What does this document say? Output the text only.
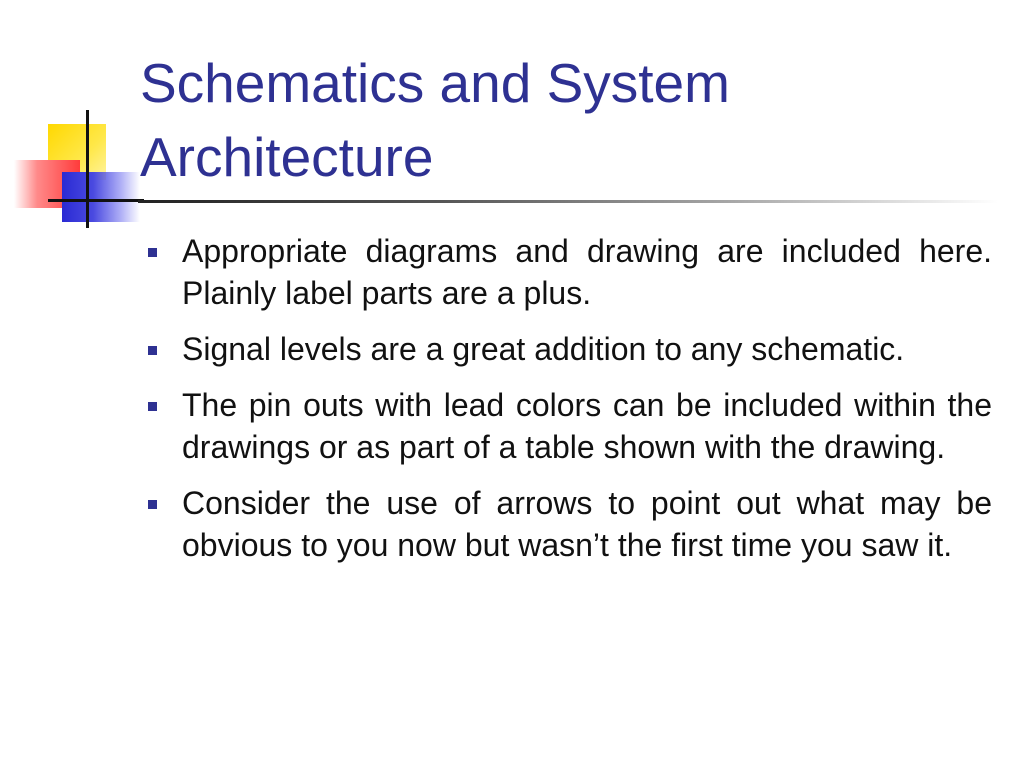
Schematics and System
Architecture
Appropriate diagrams and drawing are included here. Plainly label parts are a plus.
Signal levels are a great addition to any schematic.
The pin outs with lead colors can be included within the drawings or as part of a table shown with the drawing.
Consider the use of arrows to point out what may be obvious to you now but wasn’t the first time you saw it.
